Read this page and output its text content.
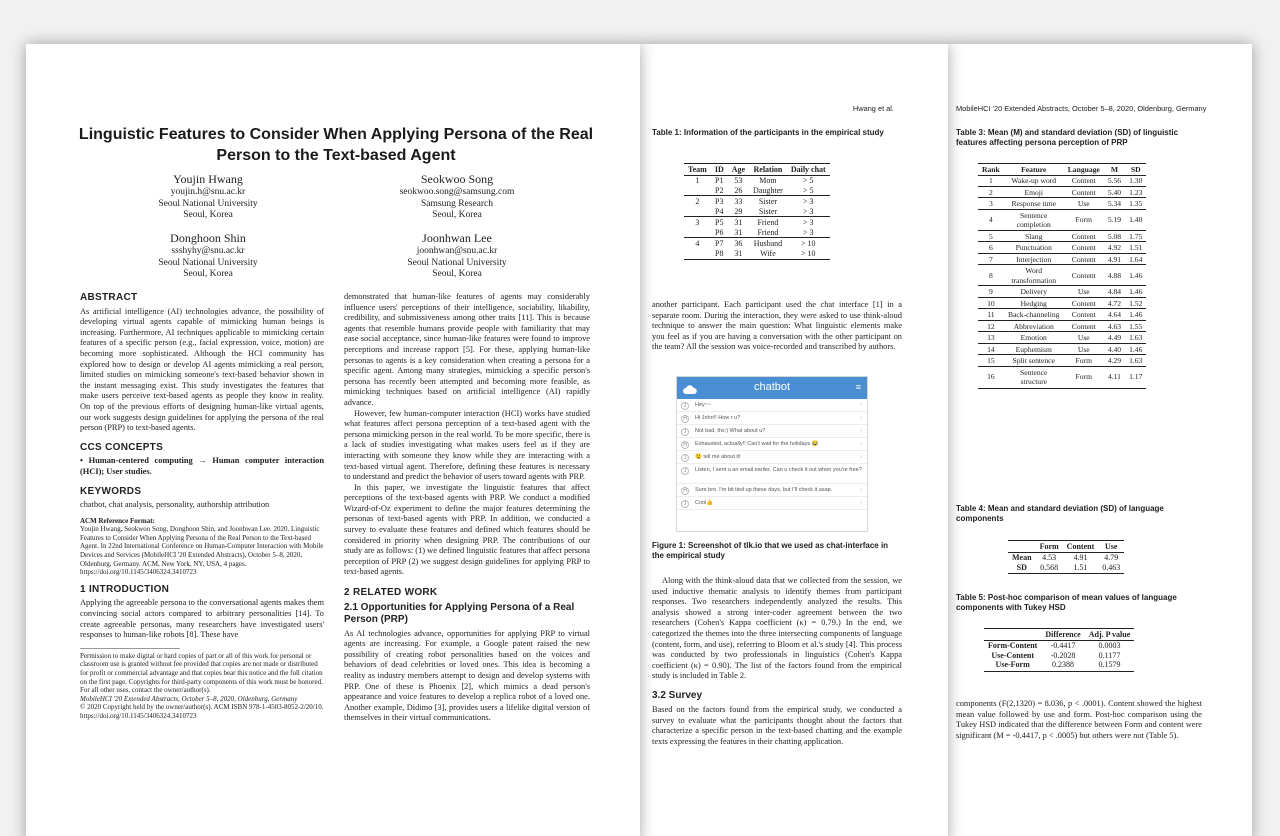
Linguistic Features to Consider When Applying Persona of the Real Person to the Text-based Agent
Youjin Hwang
youjin.h@snu.ac.kr
Seoul National University
Seoul, Korea
Seokwoo Song
seokwoo.song@samsung.com
Samsung Research
Seoul, Korea
Donghoon Shin
ssshyhy@snu.ac.kr
Seoul National University
Seoul, Korea
Joonhwan Lee
joonhwan@snu.ac.kr
Seoul National University
Seoul, Korea
ABSTRACT

As artificial intelligence (AI) technologies advance, the possibility of developing virtual agents capable of mimicking human beings is increasing. Furthermore, AI techniques applicable to mimicking certain features of a specific person (e.g., facial expression, voice, motion) are becoming more sophisticated. Although the HCI community has explored how to design or develop AI agents mimicking a real person, limited studies on mimicking someone's text-based behavior shown in the instant messaging exist. This study investigates the features that make users perceive text-based agents as people they know in reality. On top of the previous efforts of designing human-like virtual agents, our work suggests design guidelines for applying the persona of the real person (PRP) to text-based agents.

CCS CONCEPTS

• Human-centered computing → Human computer interaction (HCI); User studies.

KEYWORDS

chatbot, chat analysis, personality, authorship attribution

ACM Reference Format:

Youjin Hwang, Seokwoo Song, Donghoon Shin, and Joonhwan Lee. 2020. Linguistic Features to Consider When Applying Persona of the Real Person to the Text-based Agent. In 22nd International Conference on Human-Computer Interaction with Mobile Devices and Services (MobileHCI '20 Extended Abstracts), October 5–8, 2020, Oldenburg, Germany. ACM, New York, NY, USA, 4 pages. https://doi.org/10.1145/3406324.3410723

1 INTRODUCTION

Applying the agreeable persona to the conversational agents makes them convincing social actors compared to arbitrary personalities [14]. To create agreeable personas, many researchers have investigated users' responses to human-like robots [8]. These have

Permission to make digital or hard copies of part or all of this work for personal or classroom use is granted without fee provided that copies are not made or distributed for profit or commercial advantage and that copies bear this notice and the full citation on the first page. Copyrights for third-party components of this work must be honored. For all other uses, contact the owner/author(s).

MobileHCI '20 Extended Abstracts, October 5–8, 2020, Oldenburg, Germany

© 2020 Copyright held by the owner/author(s). ACM ISBN 978-1-4503-8052-2/20/10. https://doi.org/10.1145/3406324.3410723

demonstrated that human-like features of agents may considerably influence users' perceptions of their intelligence, sociability, likability, credibility, and submissiveness among other traits [11]. This is because agents that resemble humans provide people with familiarity that may ease social acceptance, since human-like features were found to improve perceptions and increase rapport [5]. For these, applying human-like personas to agents is a key consideration when creating a persona for a specific agent. Among many strategies, mimicking a specific person's persona has recently been attempted and becoming more feasible, as mimicking techniques based on artificial intelligence (AI) rapidly advance.

However, few human-computer interaction (HCI) works have studied what features affect persona perception of a text-based agent with the persona mimicking person in the real world. To be more specific, there is a lack of studies investigating what makes users feel as if they are interacting with someone they know while they are interacting with a text-based virtual agent. Therefore, defining these features is necessary to understand and predict the behavior of users toward agents with PRP.

In this paper, we investigate the linguistic features that affect perceptions of the text-based agents with PRP. We conduct a modified Wizard-of-Oz experiment to define the major features determining the personas of text-based agents with PRP. In addition, we conducted a survey to evaluate these features and defined which features should be considered in priority when designing PRP. The contributions of our study are as follows: (1) we defined linguistic features that affect persona perception of PRP (2) we suggest design guidelines for applying PRP to text-based agents.

2 RELATED WORK
2.1 Opportunities for Applying Persona of a Real Person (PRP)

As AI technologies advance, opportunities for applying PRP to virtual agents are increasing. For example, a Google patent raised the new possibility of creating robot personalities based on the voices and behaviors of dead celebrities or loved ones. This idea is becoming a reality as industry members attempt to design and develop systems with PRP. One of these is Phoenix [2], which mimics a dead person's appearance and voice features to develop a replica robot of a loved one. Another example, Didimo [3], provides users a lifelike digital version of themselves in their virtual communications.

Hwang et al.
Table 1: Information of the participants in the empirical study
Team	ID	Age	Relation	Daily chat
1	P1	53	Mom	> 5
	P2	26	Daughter	> 5
2	P3	33	Sister	> 3
	P4	29	Sister	> 3
3	P5	31	Friend	> 3
	P6	31	Friend	> 3
4	P7	36	Husband	> 10
	P8	31	Wife	> 10
another participant. Each participant used the chat interface [1] in a separate room. During the interaction, they were asked to use think-aloud technique to answer the main question: What linguistic elements make you feel as if you are having a conversation with the other participant on the team? All the session was voice-recorded and transcribed by authors.
chatbot	≡
J	Hey~~	›
H	Hi John!! How r u?	›
J	Not bad, thx:) What about u?	›
H	Exhausted, actually!! Can't wait for the holidays 😂	›
J	😉 tell me about it!	›
J	Listen, I sent u an email earlier. Can u check it out when you're free?
H	Sure bro, I'm bit tied up these days, but I'll check it asap.	›
J	Cool👍	›
Figure 1: Screenshot of tlk.io that we used as chat-interface in the empirical study

Along with the think-aloud data that we collected from the session, we used inductive thematic analysis to identify themes from participant responses. Two researchers independently analyzed the results. This analysis showed a strong inter-coder agreement between the two researchers (Cohen's Kappa coefficient (κ) = 0.79.) In the end, we categorized the themes into the three intersecting components of language (content, form, and use), referring to Bloom et al.'s study [4]. This process was conducted by two professionals in linguistics (Cohen's Kappa coefficient (κ) = 0.90). The list of the factors found from the empirical study is included in Table 2.

3.2 Survey

Based on the factors found from the empirical study, we conducted a survey to evaluate what the participants thought about the factors that characterize a specific person in the text-based chatting and the example texts expressing the features in their chatting application.

MobileHCI '20 Extended Abstracts, October 5–8, 2020, Oldenburg, Germany
Table 3: Mean (M) and standard deviation (SD) of linguistic features affecting persona perception of PRP
Rank	Feature	Language	M	SD
1	Wake-up word	Content	5.56	1.30
2	Emoji	Content	5.40	1.23
3	Response time	Use	5.34	1.35
4	Sentence completion	Form	5.19	1.40
5	Slang	Content	5.08	1.75
6	Punctuation	Content	4.92	1.51
7	Interjection	Content	4.91	1.64
8	Word transformation	Content	4.88	1.46
9	Delivery	Use	4.84	1.46
10	Hedging	Content	4.72	1.52
11	Back-channeling	Content	4.64	1.46
12	Abbreviation	Content	4.63	1.55
13	Emotion	Use	4.49	1.63
14	Euphemism	Use	4.40	1.46
15	Split sentence	Form	4.29	1.63
16	Sentence structure	Form	4.11	1.17
Table 4: Mean and standard deviation (SD) of language components
	Form	Content	Use
Mean	4.53	4.91	4.79
SD	0.568	1.51	0.463
Table 5: Post-hoc comparison of mean values of language components with Tukey HSD
	Difference	Adj. P value
Form-Content	-0.4417	0.0003
Use-Content	-0.2028	0.1177
Use-Form	0.2388	0.1579
components (F(2,1320) = 8.036, p < .0001). Content showed the highest mean value followed by use and form. Post-hoc comparison using the Tukey HSD indicated that the difference between Form and content were significant (M = -0.4417, p < .0005) but others were not (Table 5).
